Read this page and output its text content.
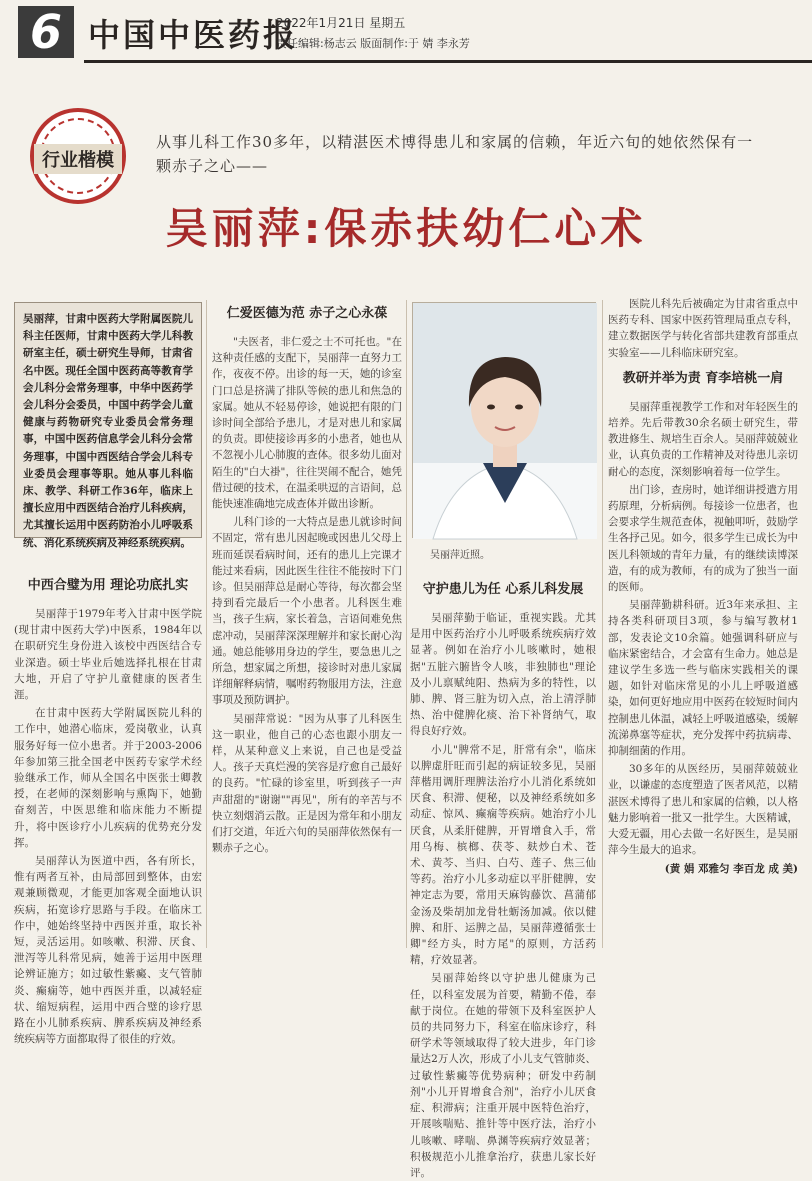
6 中国中医药报
2022年1月21日 星期五
责任编辑:杨志云 版面制作:于 婧 李永芳
行业楷模
从事儿科工作30多年，以精湛医术博得患儿和家属的信赖，年近六旬的她依然保有一颗赤子之心——
吴丽萍:保赤扶幼仁心术
吴丽萍，甘肃中医药大学附属医院儿科主任医师，甘肃中医药大学儿科教研室主任，硕士研究生导师，甘肃省名中医。现任全国中医药高等教育学会儿科分会常务理事，中华中医药学会儿科分会委员，中国中药学会儿童健康与药物研究专业委员会常务理事，中国中医药信息学会儿科分会常务理事，中国中西医结合学会儿科专业委员会理事等职。她从事儿科临床、教学、科研工作36年，临床上擅长应用中西医结合治疗儿科疾病，尤其擅长运用中医药防治小儿呼吸系统、消化系统疾病及神经系统疾病。
中西合璧为用 理论功底扎实

吴丽萍于1979年考入甘肃中医学院(现甘肃中医药大学)中医系，1984年以在职研究生身份进入该校中西医结合专业深造。硕士毕业后她选择扎根在甘肃大地，开启了守护儿童健康的医者生涯。

在甘肃中医药大学附属医院儿科的工作中，她潜心临床，爱岗敬业，认真服务好每一位小患者。并于2003-2006年参加第三批全国老中医药专家学术经验继承工作，师从全国名中医张士卿教授，在老师的深刻影响与熏陶下，她勤奋刻苦，中医思维和临床能力不断提升，将中医诊疗小儿疾病的优势充分发挥。

吴丽萍认为医道中西，各有所长，惟有两者互补，由局部回到整体，由宏观兼顾微观，才能更加客观全面地认识疾病，拓宽诊疗思路与手段。在临床工作中，她始终坚持中西医并重，取长补短，灵活运用。如咳嗽、积滞、厌食、泄泻等儿科常见病，她善于运用中医理论辨证施方；如过敏性紫癜、支气管肺炎、癫痫等，她中西医并重，以减轻症状、缩短病程，运用中西合璧的诊疗思路在小儿肺系疾病、脾系疾病及神经系统疾病等方面都取得了很佳的疗效。

仁爱医德为范 赤子之心永葆

"夫医者，非仁爱之士不可托也。"在这种责任感的支配下，吴丽萍一直努力工作，夜夜不停。出诊的每一天，她的诊室门口总是挤满了排队等候的患儿和焦急的家属。她从不轻易停诊，她说把有限的门诊时间全部给予患儿，才是对患儿和家属的负责。即使接诊再多的小患者，她也从不忽视小儿心肺腹的查体。很多幼儿面对陌生的"白大褂"，往往哭闹不配合，她凭借过硬的技术，在温柔哄逗的言语间，总能快速准确地完成查体并做出诊断。

儿科门诊的一大特点是患儿就诊时间不固定，常有患儿因起晚或因患儿父母上班而延误看病时间，还有的患儿上完课才能过来看病，因此医生往往不能按时下门诊。但吴丽萍总是耐心等待，每次都会坚持到看完最后一个小患者。儿科医生难当，孩子生病，家长着急，言语间难免焦虑冲动，吴丽萍深深理解并和家长耐心沟通。她总能够用身边的学生，要急患儿之所急，想家属之所想，接诊时对患儿家属详细解释病情，嘱咐药物服用方法，注意事项及预防调护。

吴丽萍常说："因为从事了儿科医生这一职业，他自己的心态也跟小朋友一样，从某种意义上来说，自己也是受益人。孩子天真烂漫的笑容是疗愈自己最好的良药。"忙碌的诊室里，听到孩子一声声甜甜的"谢谢""再见"，所有的辛苦与不快立刻烟消云散。正是因为常年和小朋友们打交道，年近六旬的吴丽萍依然保有一颗赤子之心。

吴丽萍近照。
守护患儿为任 心系儿科发展

吴丽萍勤于临证，重视实践。尤其是用中医药治疗小儿呼吸系统疾病疗效显著。例如在治疗小儿咳嗽时，她根据"五脏六腑皆令人咳，非独肺也"理论及小儿禀赋纯阳、热病为多的特性，以肺、脾、肾三脏为切入点，治上清浮肺热、治中健脾化痰、治下补肾纳气，取得良好疗效。

小儿"脾常不足，肝常有余"，临床以脾虚肝旺而引起的病证较多见，吴丽萍楷用调肝理脾法治疗小儿消化系统如厌食、积滞、便秘，以及神经系统如多动症、惊风、癫痫等疾病。她治疗小儿厌食，从柔肝健脾，开胃增食入手，常用乌梅、槟榔、茯苓、麸炒白术、苍术、黄芩、当归、白芍、莲子、焦三仙等药。治疗小儿多动症以平肝健脾，安神定志为要，常用天麻钩藤饮、菖蒲郁金汤及柴胡加龙骨牡蛎汤加减。依以健脾、和肝、运脾之品，吴丽萍遵循张士卿"经方头，时方尾"的原则，方活药精，疗效显著。

吴丽萍始终以守护患儿健康为己任，以科室发展为首要，精勤不倦，奉献于岗位。在她的带领下及科室医护人员的共同努力下，科室在临床诊疗，科研学术等领域取得了较大进步，年门诊量达2万人次，形成了小儿支气管肺炎、过敏性紫癜等优势病种；研发中药制剂"小儿开胃增食合剂"，治疗小儿厌食症、积滞病；注重开展中医特色治疗，开展咳喘贴、推针等中医疗法，治疗小儿咳嗽、哮喘、鼻渊等疾病疗效显著；积极规范小儿推拿治疗，获患儿家长好评。

医院儿科先后被确定为甘肃省重点中医药专科、国家中医药管理局重点专科，建立数据医学与转化省部共建教育部重点实验室——儿科临床研究室。

教研并举为责 育李培桃一肩

吴丽萍重视教学工作和对年轻医生的培养。先后带教30余名硕士研究生，带教进修生、规培生百余人。吴丽萍兢兢业业，认真负责的工作精神及对待患儿亲切耐心的态度，深刻影响着每一位学生。

出门诊，查房时，她详细讲授遣方用药原理，分析病例。每接诊一位患者，也会要求学生规范查体，视触叩听，鼓励学生各抒己见。如今，很多学生已成长为中医儿科领域的青年力量，有的继续读博深造，有的成为教师，有的成为了独当一面的医师。

吴丽萍勤耕科研。近3年来承担、主持各类科研项目3项，参与编写教材1部，发表论文10余篇。她强调科研应与临床紧密结合，才会富有生命力。她总是建议学生多选一些与临床实践相关的课题，如针对临床常见的小儿上呼吸道感染，如何更好地应用中医药在较短时间内控制患儿体温，减轻上呼吸道感染，缓解流涕鼻塞等症状，充分发挥中药抗病毒、抑制细菌的作用。

30多年的从医经历，吴丽萍兢兢业业，以谦虚的态度塑造了医者风范，以精湛医术博得了患儿和家属的信赖，以人格魅力影响着一批又一批学生。大医精诚，大爱无疆，用心去做一名好医生，是吴丽萍今生最大的追求。

(黄 娟 邓雅匀 李百龙 成 美)
